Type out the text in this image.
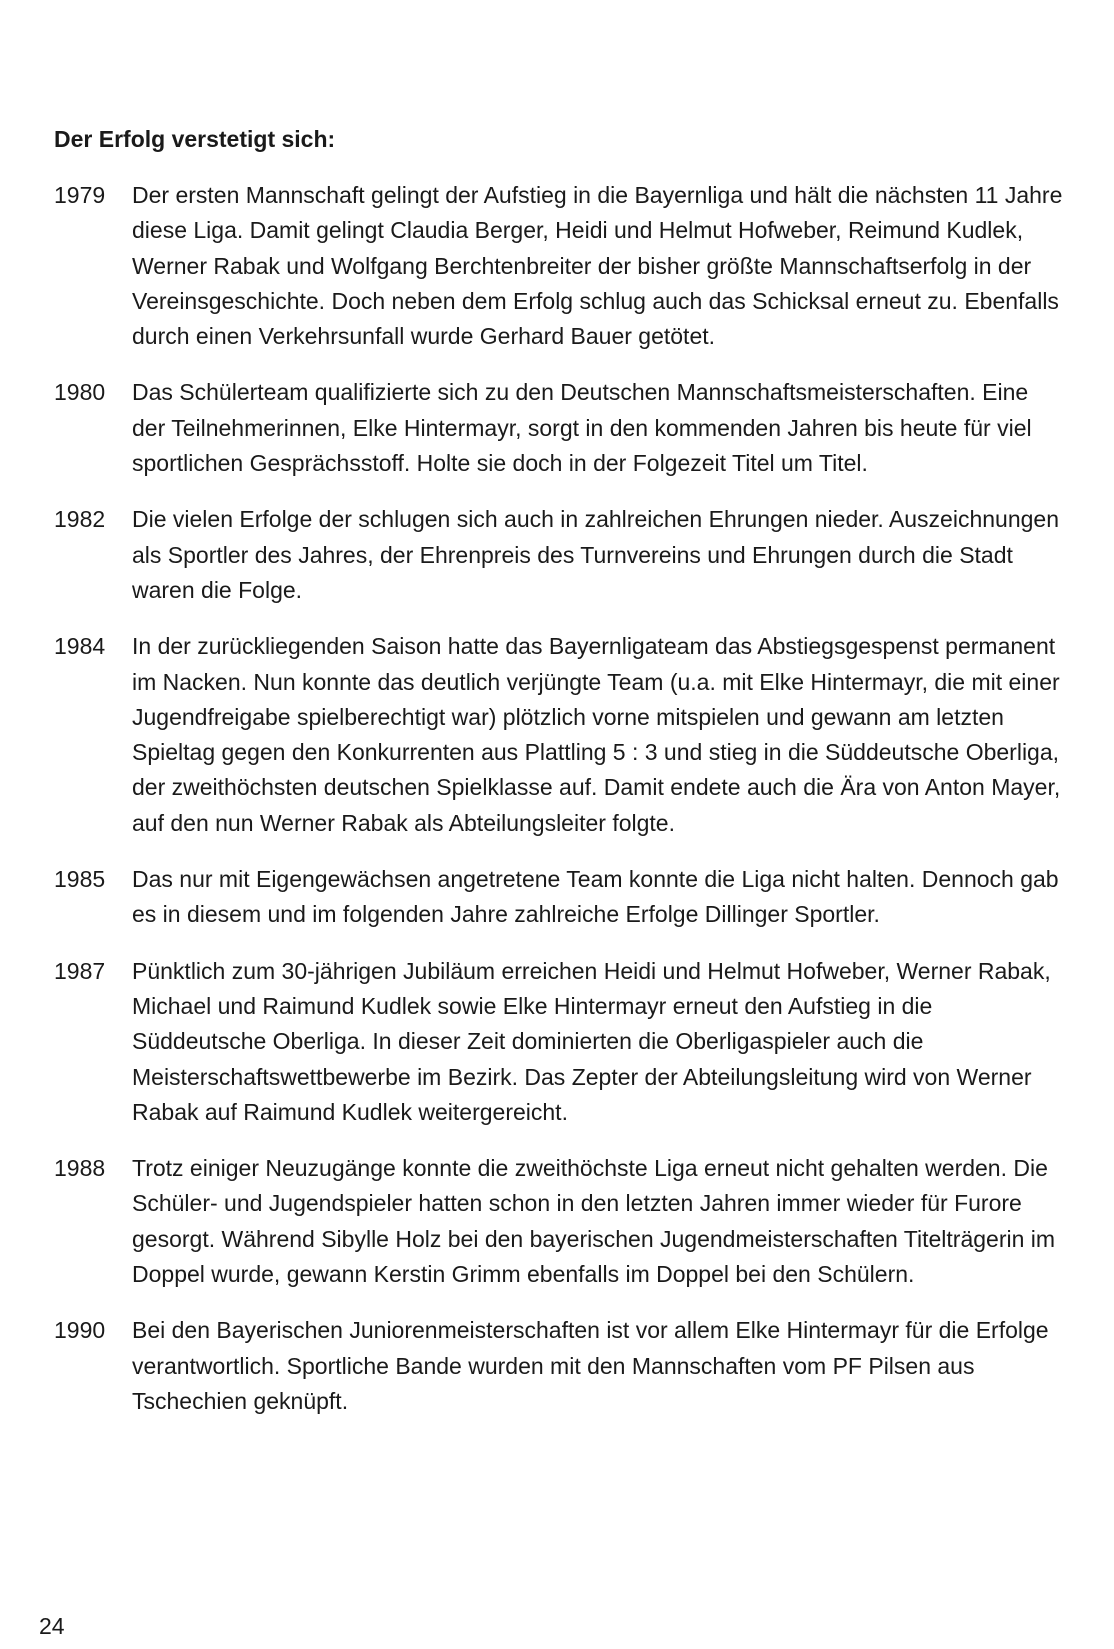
Der Erfolg verstetigt sich:
1979	Der ersten Mannschaft gelingt der Aufstieg in die Bayernliga und hält die nächsten 11 Jahre diese Liga. Damit gelingt Claudia Berger, Heidi und Helmut Hofweber, Reimund Kudlek, Werner Rabak und Wolfgang Berchtenbreiter der bisher größte Mannschaftserfolg in der Vereinsgeschichte. Doch neben dem Erfolg schlug auch das Schicksal erneut zu. Ebenfalls durch einen Verkehrsunfall wurde Gerhard Bauer getötet.

1980	Das Schülerteam qualifizierte sich zu den Deutschen Mannschaftsmeisterschaften. Eine der Teilnehmerinnen, Elke Hintermayr, sorgt in den kommenden Jahren bis heute für viel sportlichen Gesprächsstoff. Holte sie doch in der Folgezeit Titel um Titel.

1982	Die vielen Erfolge der schlugen sich auch in zahlreichen Ehrungen nieder. Auszeichnungen als Sportler des Jahres, der Ehrenpreis des Turnvereins und Ehrungen durch die Stadt waren die Folge.

1984	In der zurückliegenden Saison hatte das Bayernligateam das Abstiegsgespenst permanent im Nacken. Nun konnte das deutlich verjüngte Team (u.a. mit Elke Hintermayr, die mit einer Jugendfreigabe spielberechtigt war) plötzlich vorne mitspielen und gewann am letzten Spieltag gegen den Konkurrenten aus Plattling 5 : 3 und stieg in die Süddeutsche Oberliga, der zweithöchsten deutschen Spielklasse auf. Damit endete auch die Ära von Anton Mayer, auf den nun Werner Rabak als Abteilungsleiter folgte.

1985	Das nur mit Eigengewächsen angetretene Team konnte die Liga nicht halten. Dennoch gab es in diesem und im folgenden Jahre zahlreiche Erfolge Dillinger Sportler.

1987	Pünktlich zum 30-jährigen Jubiläum erreichen Heidi und Helmut Hofweber, Werner Rabak, Michael und Raimund Kudlek sowie Elke Hintermayr erneut den Aufstieg in die Süddeutsche Oberliga. In dieser Zeit dominierten die Oberligaspieler auch die Meisterschaftswettbewerbe im Bezirk. Das Zepter der Abteilungsleitung wird von Werner Rabak auf Raimund Kudlek weitergereicht.

1988	Trotz einiger Neuzugänge konnte die zweithöchste Liga erneut nicht gehalten werden. Die Schüler- und Jugendspieler hatten schon in den letzten Jahren immer wieder für Furore gesorgt. Während Sibylle Holz bei den bayerischen Jugendmeisterschaften Titelträgerin im Doppel wurde, gewann Kerstin Grimm ebenfalls im Doppel bei den Schülern.

1990	Bei den Bayerischen Juniorenmeisterschaften ist vor allem Elke Hintermayr für die Erfolge verantwortlich. Sportliche Bande wurden mit den Mannschaften vom PF Pilsen aus Tschechien geknüpft.

24
